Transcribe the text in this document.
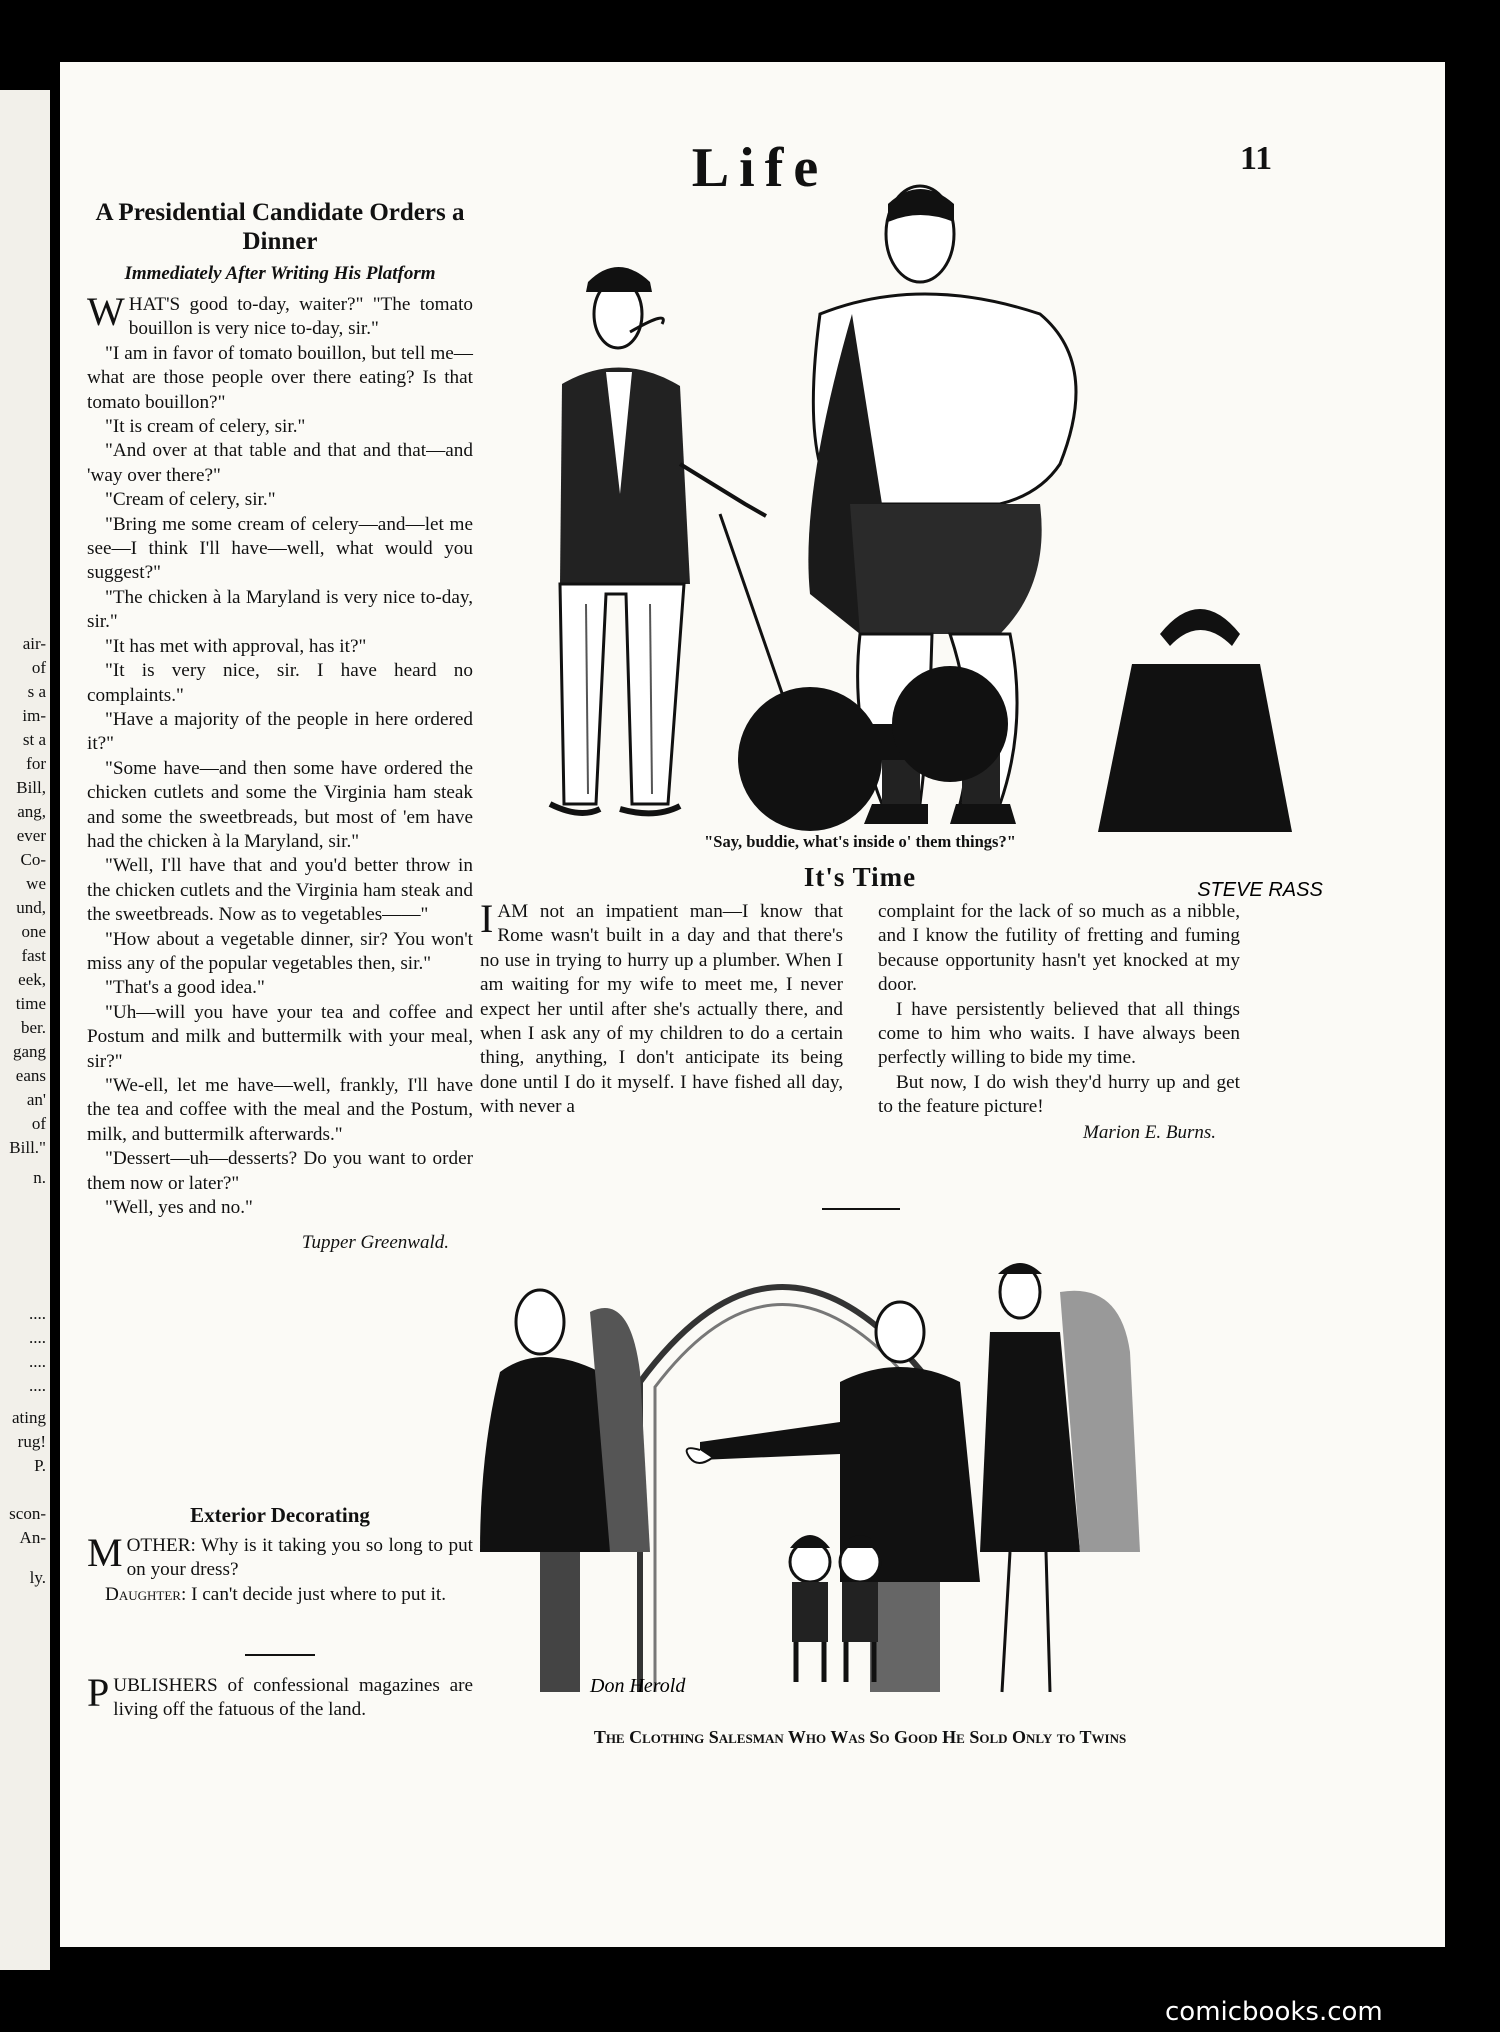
air-
of
s a
im-
st a
for
Bill,
ang,
ever
Co-
we
und,
one
fast
eek,
time
ber.
gang
eans
an'
of
Bill."
n.
....
....
....
....
ating
rug!
P.
scon-
An-
ly.
Life	11
A Presidential Candidate Orders a Dinner
Immediately After Writing His Platform

WHAT'S good to-day, waiter?" "The tomato bouillon is very nice to-day, sir."

"I am in favor of tomato bouillon, but tell me—what are those people over there eating? Is that tomato bouillon?"

"It is cream of celery, sir."

"And over at that table and that and that—and 'way over there?"

"Cream of celery, sir."

"Bring me some cream of celery—and—let me see—I think I'll have—well, what would you suggest?"

"The chicken à la Maryland is very nice to-day, sir."

"It has met with approval, has it?"

"It is very nice, sir. I have heard no complaints."

"Have a majority of the people in here ordered it?"

"Some have—and then some have ordered the chicken cutlets and some the Virginia ham steak and some the sweetbreads, but most of 'em have had the chicken à la Maryland, sir."

"Well, I'll have that and you'd better throw in the chicken cutlets and the Virginia ham steak and the sweetbreads. Now as to vegetables——"

"How about a vegetable dinner, sir? You won't miss any of the popular vegetables then, sir."

"That's a good idea."

"Uh—will you have your tea and coffee and Postum and milk and buttermilk with your meal, sir?"

"We-ell, let me have—well, frankly, I'll have the tea and coffee with the meal and the Postum, milk, and buttermilk afterwards."

"Dessert—uh—desserts? Do you want to order them now or later?"

"Well, yes and no."

Tupper Greenwald.
Exterior Decorating

MOTHER: Why is it taking you so long to put on your dress?

Daughter: I can't decide just where to put it.

PUBLISHERS of confessional magazines are living off the fatuous of the land.

STEVE RASS
"Say, buddie, what's inside o' them things?"
It's Time

IAM not an impatient man—I know that Rome wasn't built in a day and that there's no use in trying to hurry up a plumber. When I am waiting for my wife to meet me, I never expect her until after she's actually there, and when I ask any of my children to do a certain thing, anything, I don't anticipate its being done until I do it myself. I have fished all day, with never a

complaint for the lack of so much as a nibble, and I know the futility of fretting and fuming because opportunity hasn't yet knocked at my door.

I have persistently believed that all things come to him who waits. I have always been perfectly willing to bide my time.

But now, I do wish they'd hurry up and get to the feature picture!

Marion E. Burns.
Don Herold
The Clothing Salesman Who Was So Good He Sold Only to Twins
comicbooks.com
